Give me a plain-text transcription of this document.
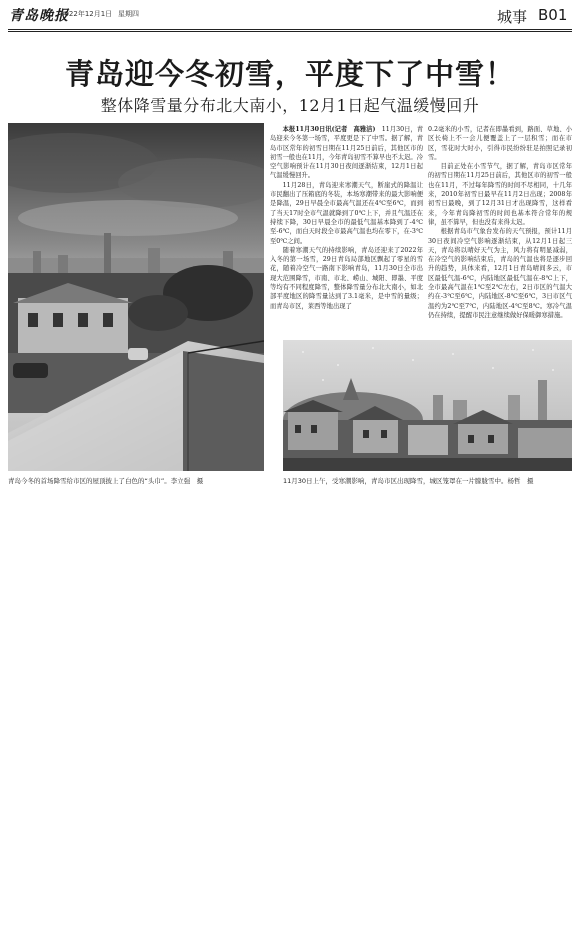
青岛晚报
2022年12月1日 星期四	城事 B01
青岛迎今冬初雪，平度下了中雪！
整体降雪量分布北大南小，12月1日起气温缓慢回升
青岛今冬的首场降雪给市区的屋顶披上了白色的“头巾”。李立强　摄

本报11月30日讯(记者　高雅洁)　 11月30日，青岛迎来今冬第一场雪，平度更是下了中雪。据了解，青岛市区常年的初雪日期在11月25日前后，其他区市的初雪一般也在11月，今年青岛初雪不算早也不太迟。冷空气影响预计在11月30日夜间逐渐结束，12月1日起气温缓慢回升。

11月28日，青岛迎来寒潮天气，断崖式的降温让市民翻出了压箱底的冬装，本场寒潮带来的最大影响便是降温，29日早晨全市最高气温还在4℃至6℃，而到了当天17时全市气温就降到了0℃上下，并且气温还在持续下降，30日早晨全市的最低气温基本降到了-4℃至-6℃，而白天时段全市最高气温也均在零下，在-3℃至0℃之间。

随着寒潮天气的持续影响，青岛还迎来了2022年入冬的第一场雪，29日青岛局部地区飘起了零星的雪花，随着冷空气一路南下影响青岛，11月30日全市出现大范围降雪，市南、市北、崂山、城阳、即墨、平度等均有不同程度降雪，整体降雪量分布北大南小，如北部平度地区的降雪量达到了3.1毫米，是中雪的量级；而青岛市区，莱西等地出现了

0.2毫米的小雪，记者在即墨看到，路面、草地、小区长椅上不一会儿便覆盖上了一层积雪；而在市区，雪花时大时小，引得市民纷纷驻足拍照记录初雪。

目前正处在小雪节气，据了解，青岛市区常年的初雪日期在11月25日前后，其他区市的初雪一般也在11月，不过每年降雪的时间不尽相同，十几年来，2010年初雪日最早在11月2日出现；2008年初雪日最晚，到了12月31日才出现降雪，这样看来，今年青岛降初雪的时间也基本符合常年的规律，虽不算早，但也没有来得太迟。

根据青岛市气象台发布的天气预报，预计11月30日夜间冷空气影响逐渐结束，从12月1日起三天，青岛将以晴好天气为主，风力将有明显减弱，在冷空气的影响结束后，青岛的气温也将是逐步回升的趋势，具体来看，12月1日青岛晴间多云，市区最低气温-6℃，内陆地区最低气温在-8℃上下，全市最高气温在1℃至2℃左右，2日市区的气温大约在-3℃至6℃，内陆地区-8℃至6℃，3日市区气温约为2℃至7℃，内陆地区-4℃至8℃。寒冷气温仍在持续，提醒市民注意继续做好保暖御寒措施。

11月30日上午，受寒潮影响，青岛市区出现降雪，城区笼罩在一片朦胧雪中。杨哲　摄
